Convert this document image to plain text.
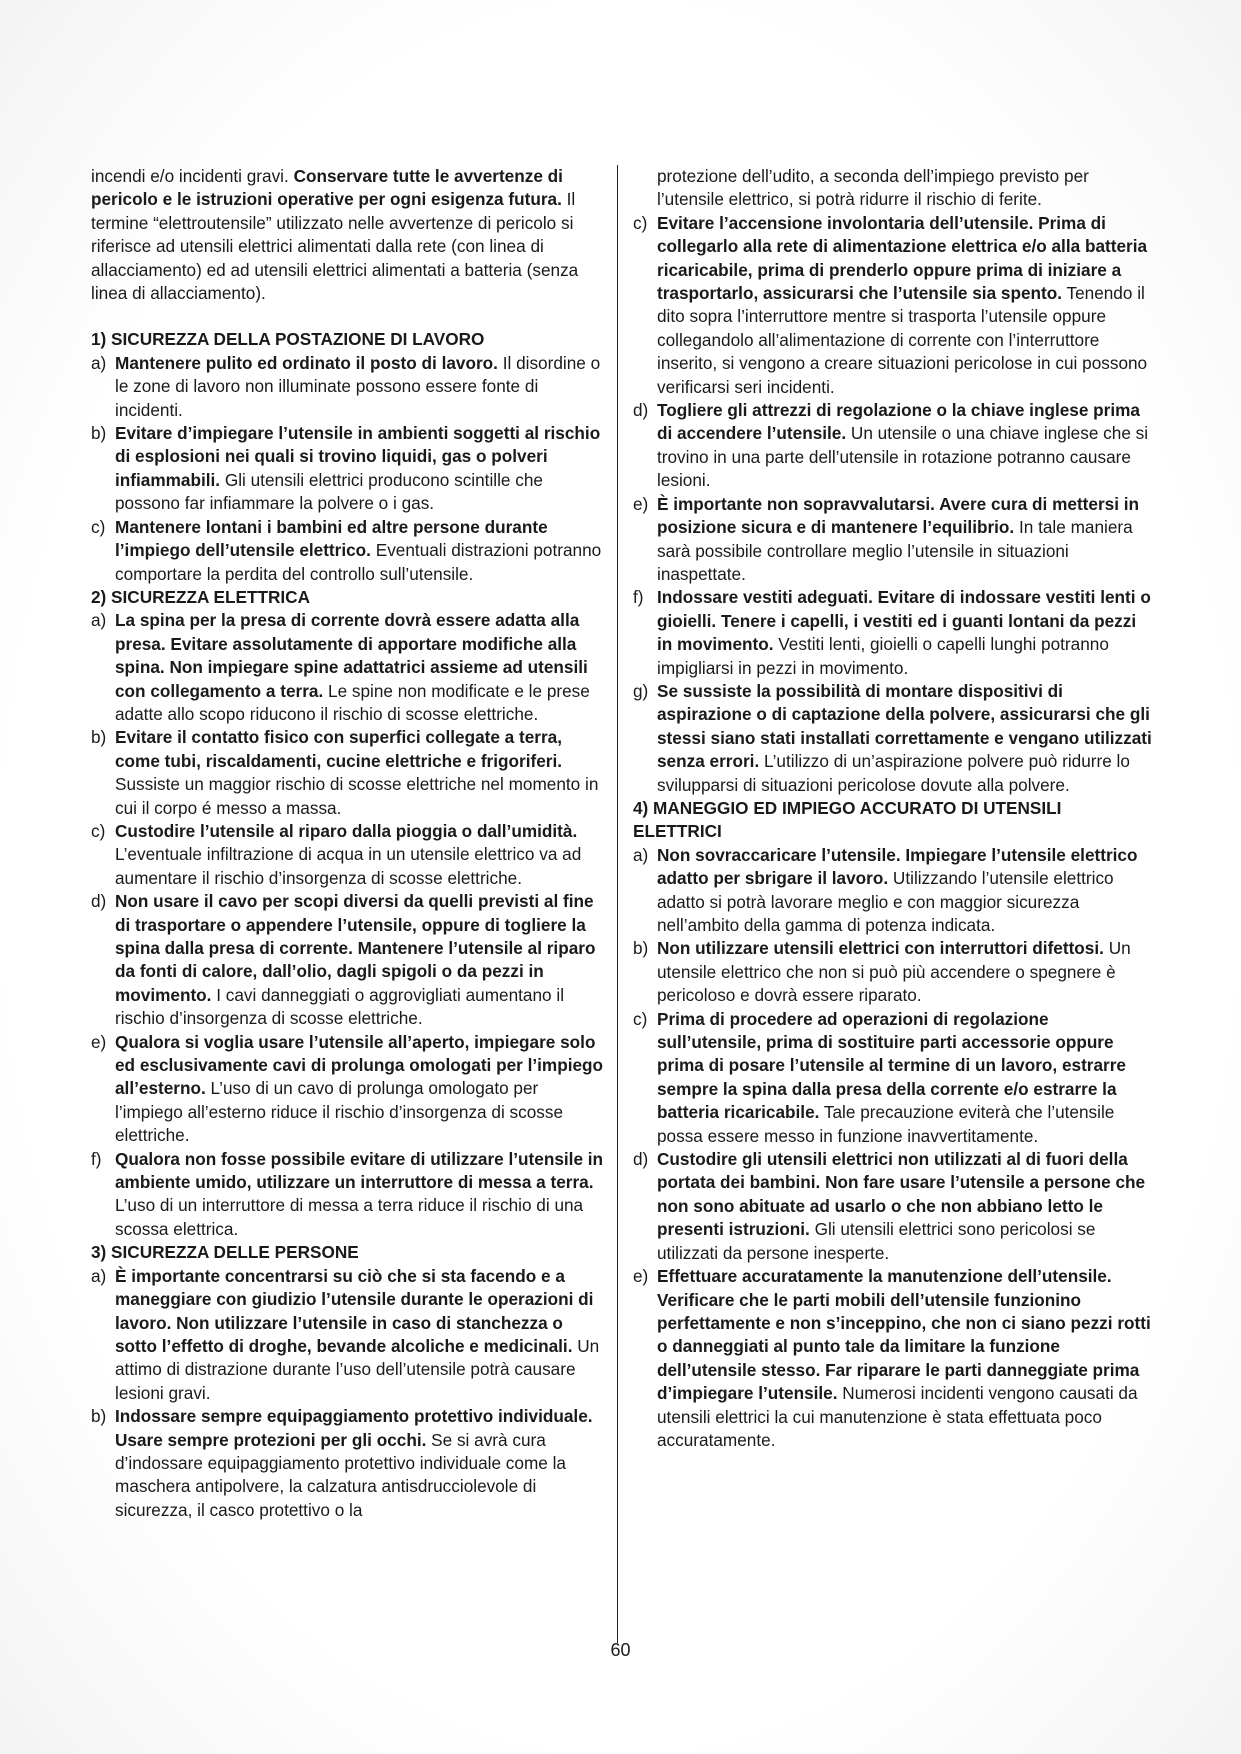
incendi e/o incidenti gravi. Conservare tutte le avvertenze di pericolo e le istruzioni operative per ogni esigenza futura. Il termine “elettroutensile” utilizzato nelle avvertenze di pericolo si riferisce ad utensili elettrici alimentati dalla rete (con linea di allacciamento) ed ad utensili elettrici alimentati a batteria (senza linea di allacciamento).

1) SICUREZZA DELLA POSTAZIONE DI LAVORO

a) Mantenere pulito ed ordinato il posto di lavoro. Il disordine o le zone di lavoro non illuminate possono essere fonte di incidenti.

b) Evitare d’impiegare l’utensile in ambienti soggetti al rischio di esplosioni nei quali si trovino liquidi, gas o polveri infiammabili. Gli utensili elettrici producono scintille che possono far infiammare la polvere o i gas.

c) Mantenere lontani i bambini ed altre persone durante l’impiego dell’utensile elettrico. Eventuali distrazioni potranno comportare la perdita del controllo sull’utensile.

2) SICUREZZA ELETTRICA

a) La spina per la presa di corrente dovrà essere adatta alla presa. Evitare assolutamente di apportare modifiche alla spina. Non impiegare spine adattatrici assieme ad utensili con collegamento a terra. Le spine non modificate e le prese adatte allo scopo riducono il rischio di scosse elettriche.

b) Evitare il contatto fisico con superfici collegate a terra, come tubi, riscaldamenti, cucine elettriche e frigoriferi. Sussiste un maggior rischio di scosse elettriche nel momento in cui il corpo é messo a massa.

c) Custodire l’utensile al riparo dalla pioggia o dall’umidità. L’eventuale infiltrazione di acqua in un utensile elettrico va ad aumentare il rischio d’insorgenza di scosse elettriche.

d) Non usare il cavo per scopi diversi da quelli previsti al fine di trasportare o appendere l’utensile, oppure di togliere la spina dalla presa di corrente. Mantenere l’utensile al riparo da fonti di calore, dall’olio, dagli spigoli o da pezzi in movimento. I cavi danneggiati o aggrovigliati aumentano il rischio d’insorgenza di scosse elettriche.

e) Qualora si voglia usare l’utensile all’aperto, impiegare solo ed esclusivamente cavi di prolunga omologati per l’impiego all’esterno. L’uso di un cavo di prolunga omologato per l’impiego all’esterno riduce il rischio d’insorgenza di scosse elettriche.

f) Qualora non fosse possibile evitare di utilizzare l’utensile in ambiente umido, utilizzare un interruttore di messa a terra. L’uso di un interruttore di messa a terra riduce il rischio di una scossa elettrica.

3) SICUREZZA DELLE PERSONE

a) È importante concentrarsi su ciò che si sta facendo e a maneggiare con giudizio l’utensile durante le operazioni di lavoro. Non utilizzare l’utensile in caso di stanchezza o sotto l’effetto di droghe, bevande alcoliche e medicinali. Un attimo di distrazione durante l’uso dell’utensile potrà causare lesioni gravi.

b) Indossare sempre equipaggiamento protettivo individuale. Usare sempre protezioni per gli occhi. Se si avrà cura d’indossare equipaggiamento protettivo individuale come la maschera antipolvere, la calzatura antisdrucciolevole di sicurezza, il casco protettivo o la

protezione dell’udito, a seconda dell’impiego previsto per l’utensile elettrico, si potrà ridurre il rischio di ferite.

c) Evitare l’accensione involontaria dell’utensile. Prima di collegarlo alla rete di alimentazione elettrica e/o alla batteria ricaricabile, prima di prenderlo oppure prima di iniziare a trasportarlo, assicurarsi che l’utensile sia spento. Tenendo il dito sopra l’interruttore mentre si trasporta l’utensile oppure collegandolo all’alimentazione di corrente con l’interruttore inserito, si vengono a creare situazioni pericolose in cui possono verificarsi seri incidenti.

d) Togliere gli attrezzi di regolazione o la chiave inglese prima di accendere l’utensile. Un utensile o una chiave inglese che si trovino in una parte dell’utensile in rotazione potranno causare lesioni.

e) È importante non sopravvalutarsi. Avere cura di mettersi in posizione sicura e di mantenere l’equilibrio. In tale maniera sarà possibile controllare meglio l’utensile in situazioni inaspettate.

f) Indossare vestiti adeguati. Evitare di indossare vestiti lenti o gioielli. Tenere i capelli, i vestiti ed i guanti lontani da pezzi in movimento. Vestiti lenti, gioielli o capelli lunghi potranno impigliarsi in pezzi in movimento.

g) Se sussiste la possibilità di montare dispositivi di aspirazione o di captazione della polvere, assicurarsi che gli stessi siano stati installati correttamente e vengano utilizzati senza errori. L’utilizzo di un’aspirazione polvere può ridurre lo svilupparsi di situazioni pericolose dovute alla polvere.

4) MANEGGIO ED IMPIEGO ACCURATO DI UTENSILI ELETTRICI

a) Non sovraccaricare l’utensile. Impiegare l’utensile elettrico adatto per sbrigare il lavoro. Utilizzando l’utensile elettrico adatto si potrà lavorare meglio e con maggior sicurezza nell’ambito della gamma di potenza indicata.

b) Non utilizzare utensili elettrici con interruttori difettosi. Un utensile elettrico che non si può più accendere o spegnere è pericoloso e dovrà essere riparato.

c) Prima di procedere ad operazioni di regolazione sull’utensile, prima di sostituire parti accessorie oppure prima di posare l’utensile al termine di un lavoro, estrarre sempre la spina dalla presa della corrente e/o estrarre la batteria ricaricabile. Tale precauzione eviterà che l’utensile possa essere messo in funzione inavvertitamente.

d) Custodire gli utensili elettrici non utilizzati al di fuori della portata dei bambini. Non fare usare l’utensile a persone che non sono abituate ad usarlo o che non abbiano letto le presenti istruzioni. Gli utensili elettrici sono pericolosi se utilizzati da persone inesperte.

e) Effettuare accuratamente la manutenzione dell’utensile. Verificare che le parti mobili dell’utensile funzionino perfettamente e non s’inceppino, che non ci siano pezzi rotti o danneggiati al punto tale da limitare la funzione dell’utensile stesso. Far riparare le parti danneggiate prima d’impiegare l’utensile. Numerosi incidenti vengono causati da utensili elettrici la cui manutenzione è stata effettuata poco accuratamente.

60
